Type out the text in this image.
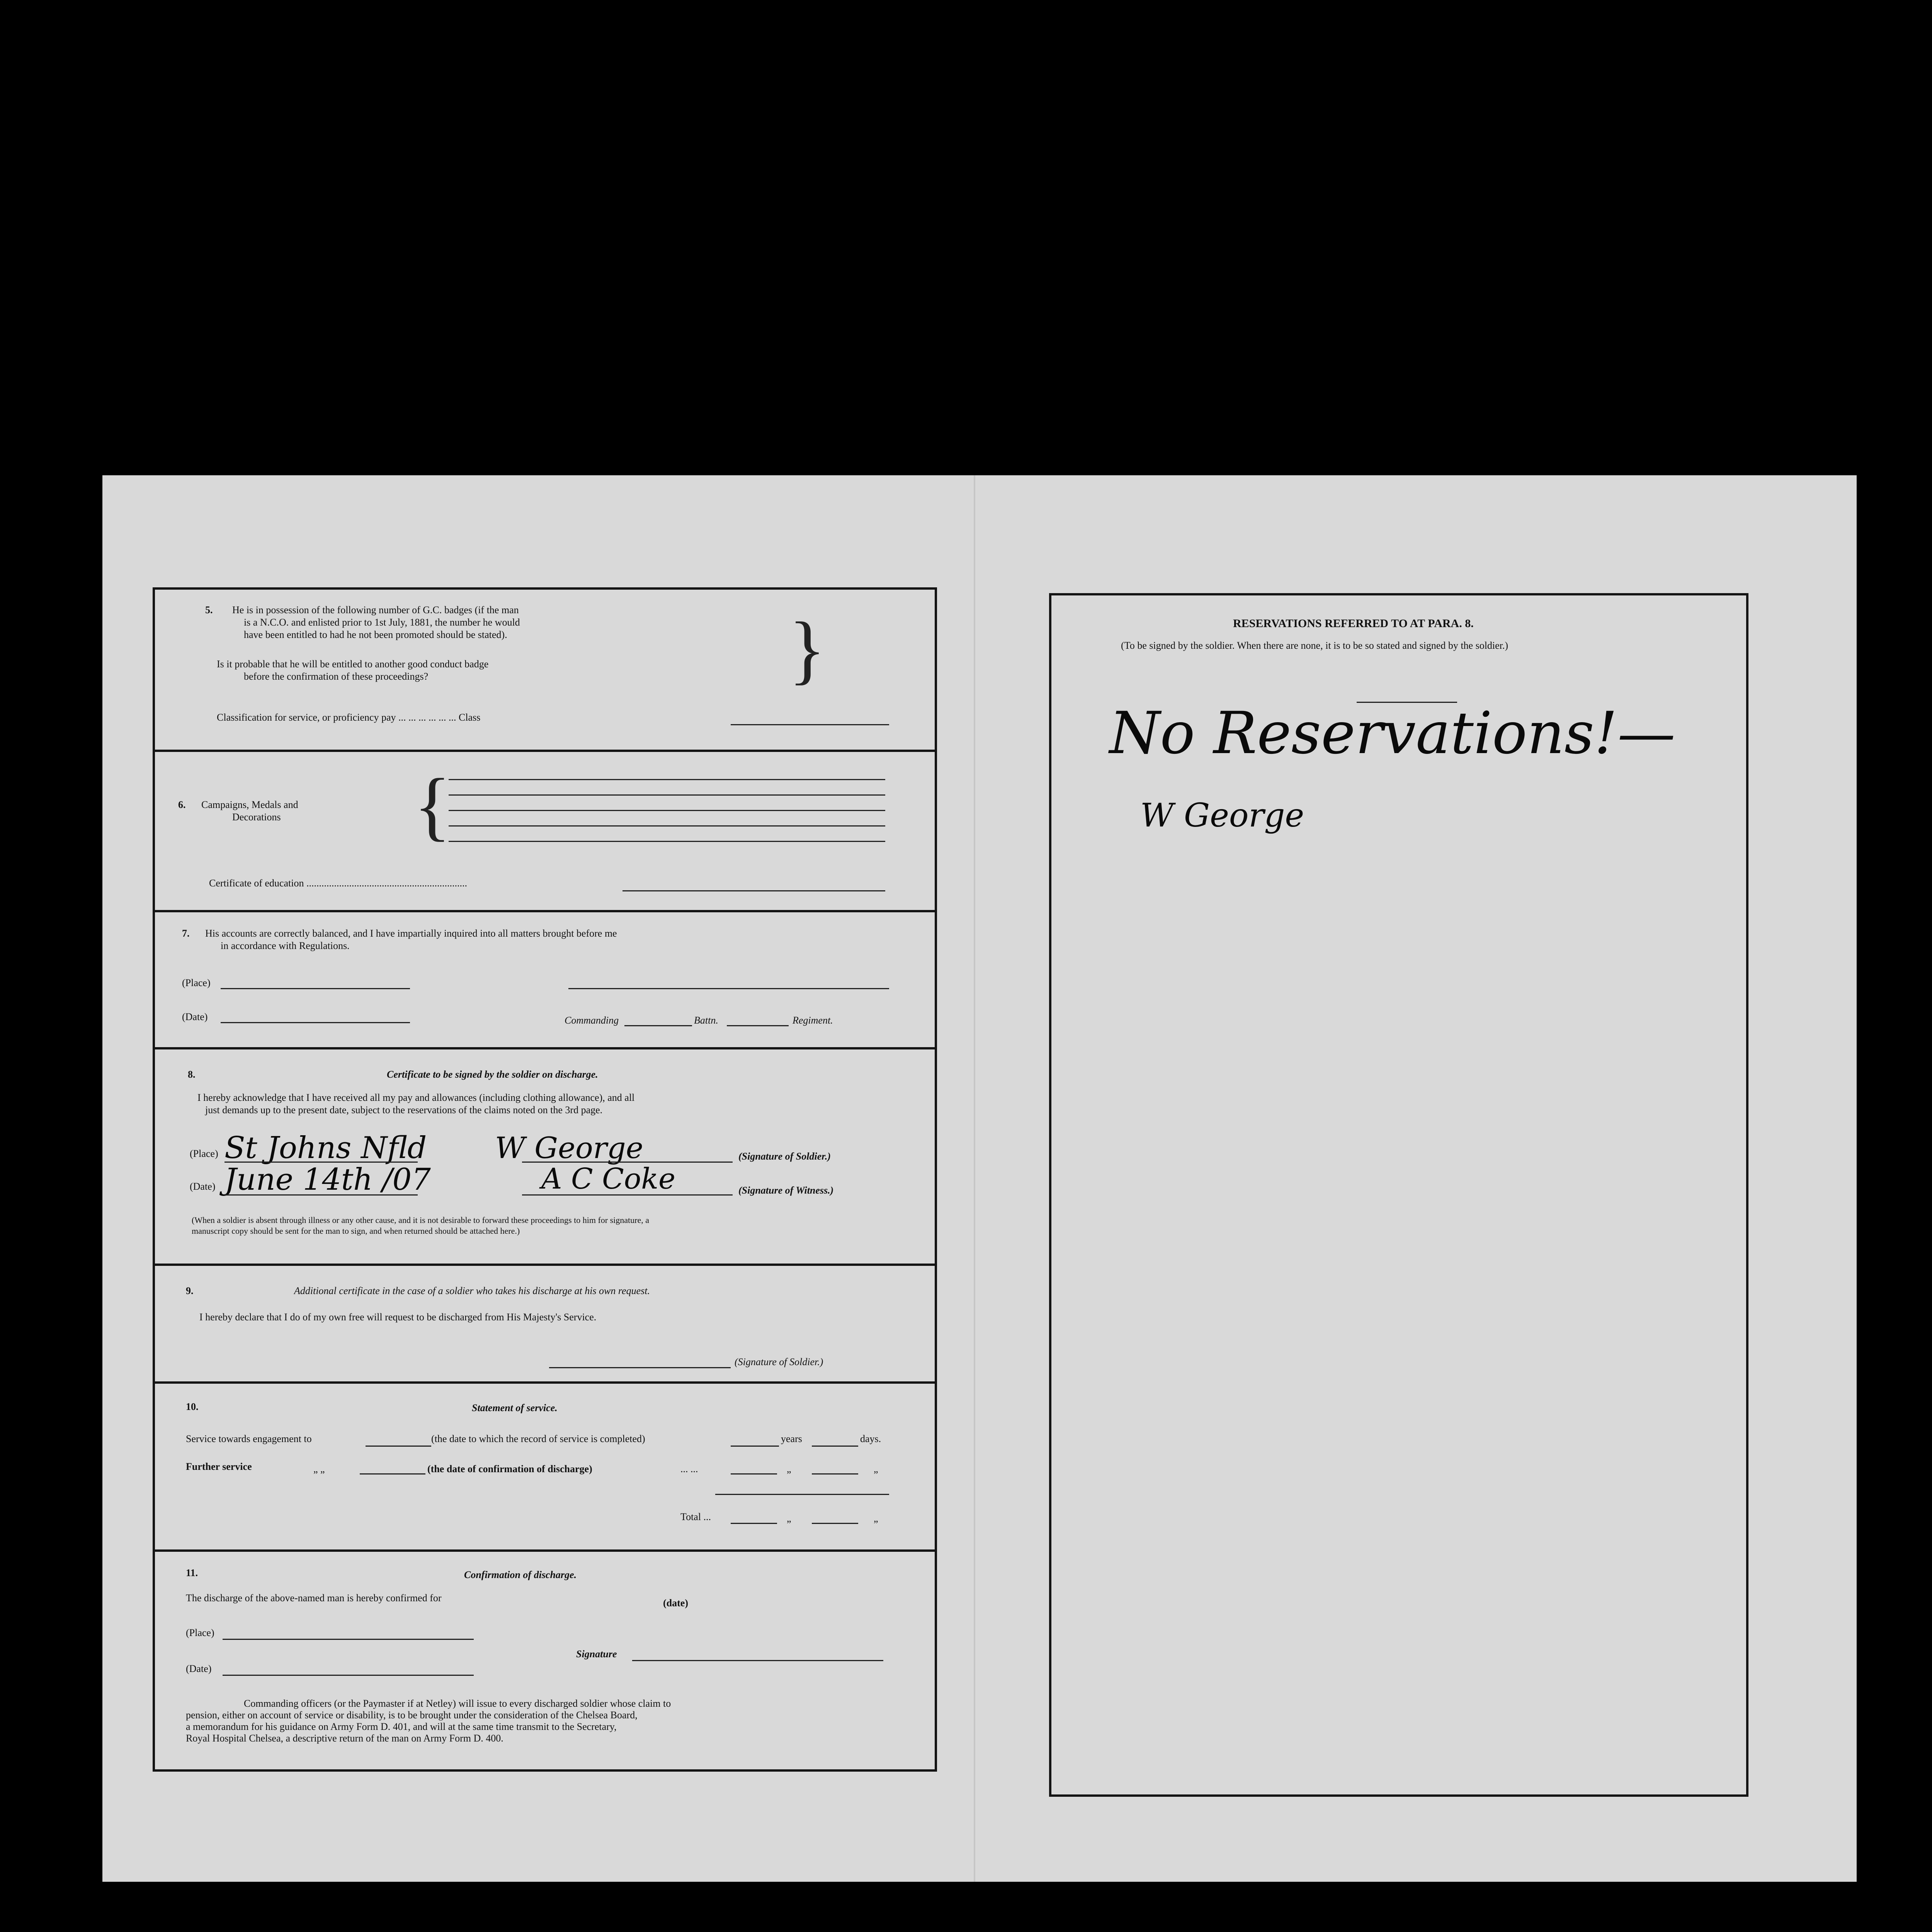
5. He is in possession of the following number of G.C. badges (if the man
is a N.C.O. and enlisted prior to 1st July, 1881, the number he would
have been entitled to had he not been promoted should be stated).
Is it probable that he will be entitled to another good conduct badge
before the confirmation of these proceedings?	}
Classification for service, or proficiency pay ... ... ... ... ... ... Class
6. Campaigns, Medals and
Decorations {
Certificate of education ................................................................
7. His accounts are correctly balanced, and I have impartially inquired into all matters brought before me
in accordance with Regulations.
(Place)
(Date)	Commanding	Battn.	Regiment.
8.	Certificate to be signed by the soldier on discharge.
I hereby acknowledge that I have received all my pay and allowances (including clothing allowance), and all
just demands up to the present date, subject to the reservations of the claims noted on the 3rd page.
(Place) St Johns Nfld W George	(Signature of Soldier.)
(Date) June 14th /07	A C Coke	(Signature of Witness.)
(When a soldier is absent through illness or any other cause, and it is not desirable to forward these proceedings to him for signature, a
manuscript copy should be sent for the man to sign, and when returned should be attached here.)
9.	Additional certificate in the case of a soldier who takes his discharge at his own request.
I hereby declare that I do of my own free will request to be discharged from His Majesty's Service.
(Signature of Soldier.)
10.	Statement of service.
Service towards engagement to	(the date to which the record of service is completed)	years	days.
Further service	„ „	(the date of confirmation of discharge)	... ...	„	„
Total ...	„	„
11.	Confirmation of discharge.
The discharge of the above-named man is hereby confirmed for	(date)
(Place)
Signature
(Date)
Commanding officers (or the Paymaster if at Netley) will issue to every discharged soldier whose claim to
pension, either on account of service or disability, is to be brought under the consideration of the Chelsea Board,
a memorandum for his guidance on Army Form D. 401, and will at the same time transmit to the Secretary,
Royal Hospital Chelsea, a descriptive return of the man on Army Form D. 400.
RESERVATIONS REFERRED TO AT PARA. 8.
(To be signed by the soldier. When there are none, it is to be so stated and signed by the soldier.)
No Reservations!—
W George
